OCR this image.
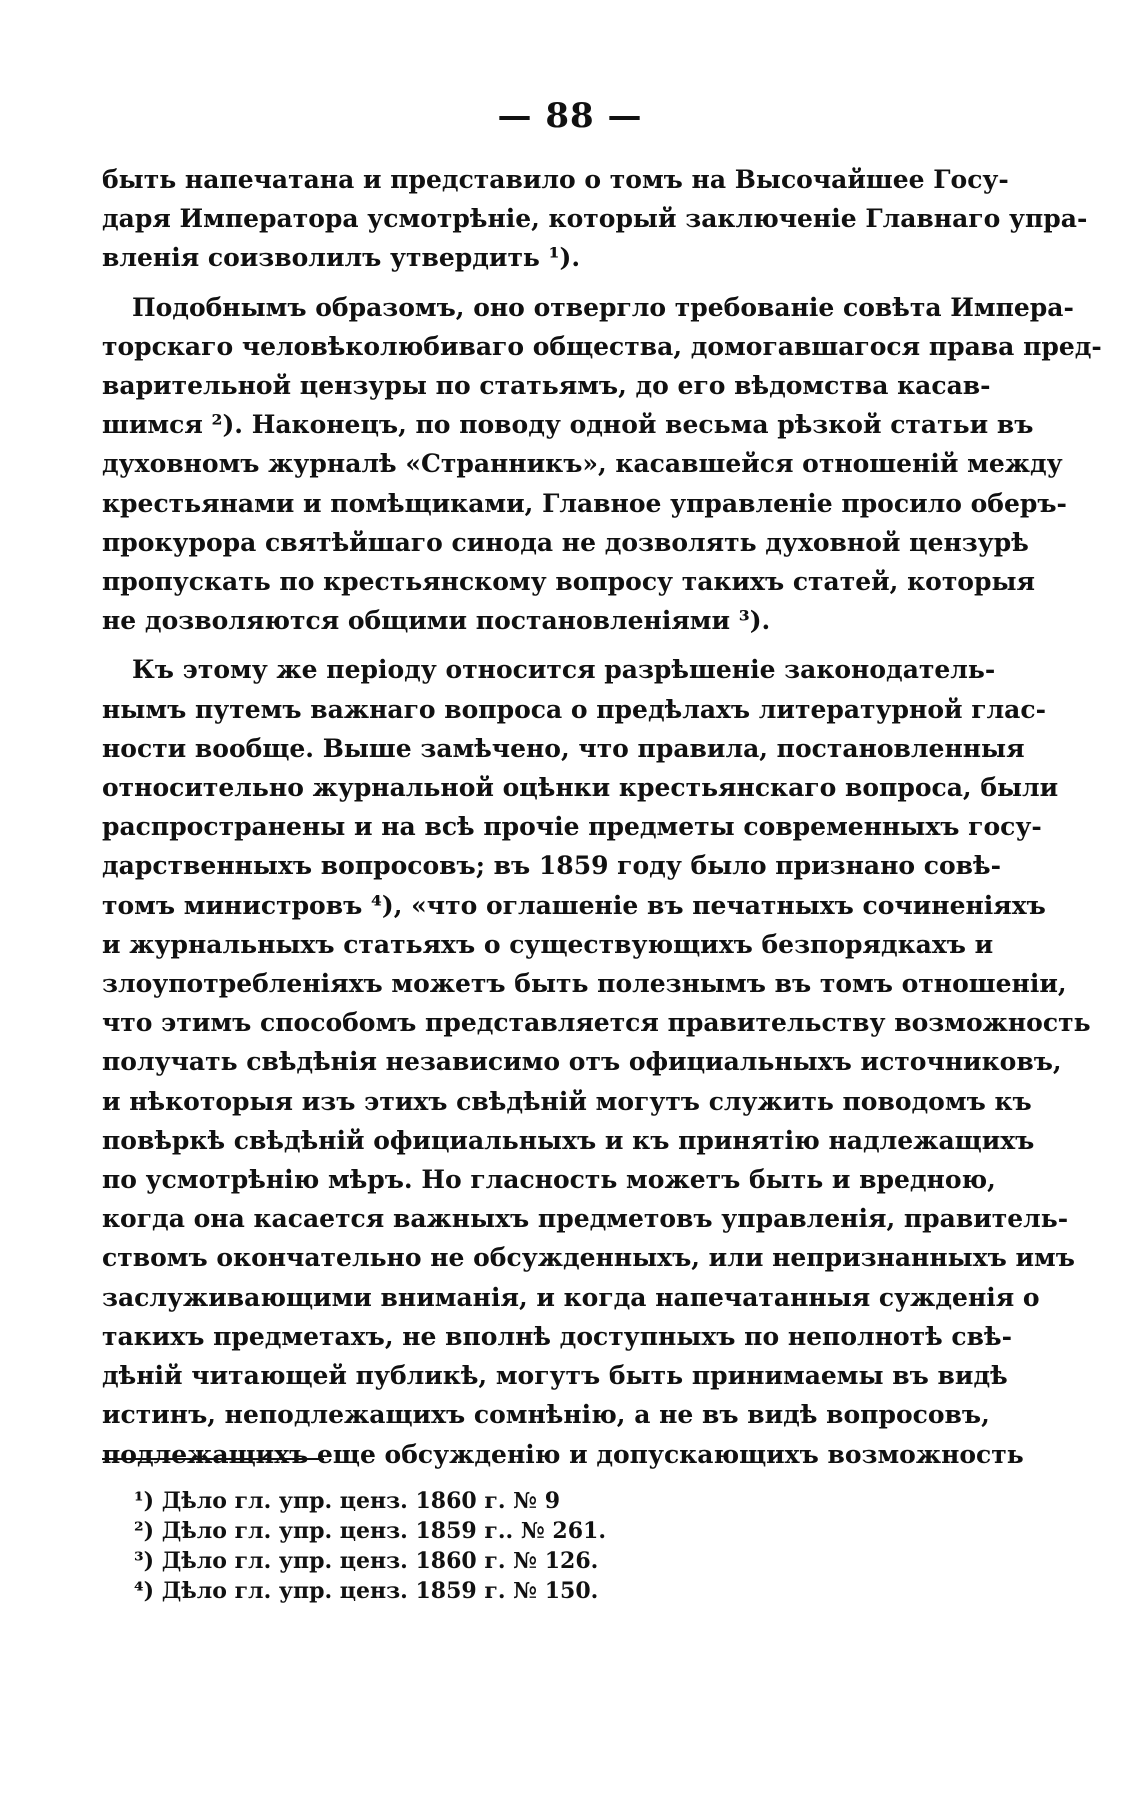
— 88 —
быть напечатана и представило о томъ на Высочайшее Госу-
даря Императора усмотрѣніе, который заключеніе Главнаго упра-
вленія соизволилъ утвердить ¹).
Подобнымъ образомъ, оно отвергло требованіе совѣта Импера-
торскаго человѣколюбиваго общества, домогавшагося права пред-
варительной цензуры по статьямъ, до его вѣдомства касав-
шимся ²). Наконецъ, по поводу одной весьма рѣзкой статьи въ
духовномъ журналѣ «Странникъ», касавшейся отношеній между
крестьянами и помѣщиками, Главное управленіе просило оберъ-
прокурора святѣйшаго синода не дозволять духовной цензурѣ
пропускать по крестьянскому вопросу такихъ статей, которыя
не дозволяются общими постановленіями ³).
Къ этому же періоду относится разрѣшеніе законодатель-
нымъ путемъ важнаго вопроса о предѣлахъ литературной глас-
ности вообще. Выше замѣчено, что правила, постановленныя
относительно журнальной оцѣнки крестьянскаго вопроса, были
распространены и на всѣ прочіе предметы современныхъ госу-
дарственныхъ вопросовъ; въ 1859 году было признано совѣ-
томъ министровъ ⁴), «что оглашеніе въ печатныхъ сочиненіяхъ
и журнальныхъ статьяхъ о существующихъ безпорядкахъ и
злоупотребленіяхъ можетъ быть полезнымъ въ томъ отношеніи,
что этимъ способомъ представляется правительству возможность
получать свѣдѣнія независимо отъ официальныхъ источниковъ,
и нѣкоторыя изъ этихъ свѣдѣній могутъ служить поводомъ къ
повѣркѣ свѣдѣній официальныхъ и къ принятію надлежащихъ
по усмотрѣнію мѣръ. Но гласность можетъ быть и вредною,
когда она касается важныхъ предметовъ управленія, правитель-
ствомъ окончательно не обсужденныхъ, или непризнанныхъ имъ
заслуживающими вниманія, и когда напечатанныя сужденія о
такихъ предметахъ, не вполнѣ доступныхъ по неполнотѣ свѣ-
дѣній читающей публикѣ, могутъ быть принимаемы въ видѣ
истинъ, неподлежащихъ сомнѣнію, а не въ видѣ вопросовъ,
подлежащихъ еще обсужденію и допускающихъ возможность
¹) Дѣло гл. упр. ценз. 1860 г. № 9
²) Дѣло гл. упр. ценз. 1859 г.. № 261.
³) Дѣло гл. упр. ценз. 1860 г. № 126.
⁴) Дѣло гл. упр. ценз. 1859 г. № 150.
